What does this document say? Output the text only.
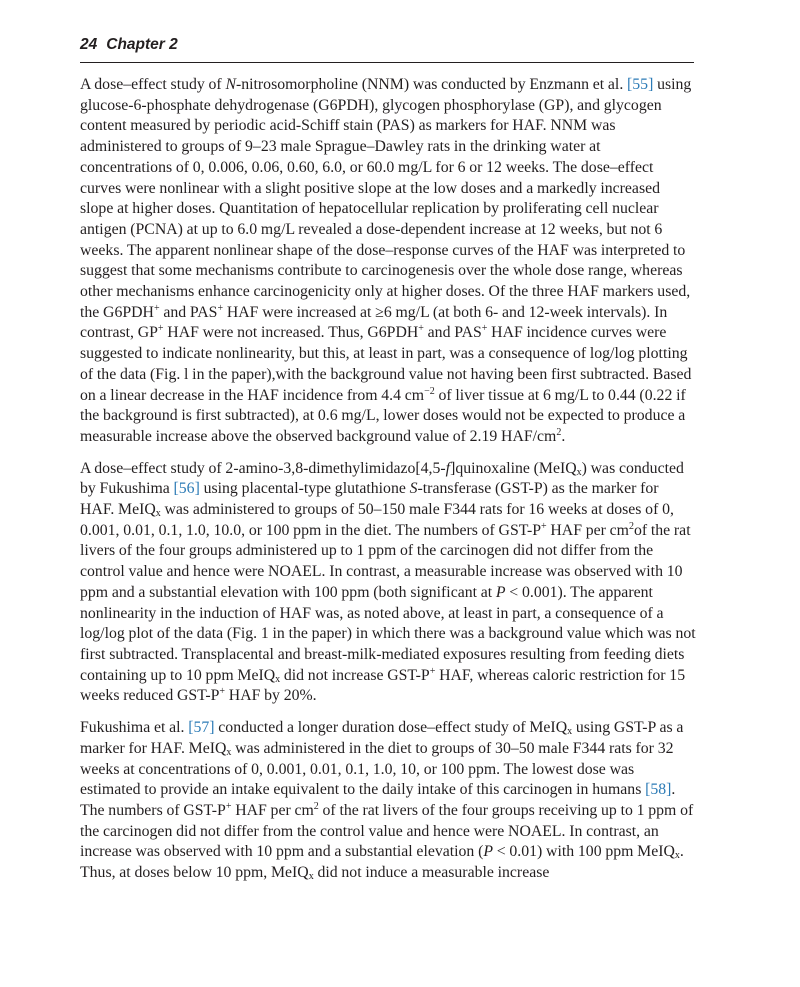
24 Chapter 2

A dose–effect study of N-nitrosomorpholine (NNM) was conducted by Enzmann et al. [55] using glucose-6-phosphate dehydrogenase (G6PDH), glycogen phosphorylase (GP), and glycogen content measured by periodic acid-Schiff stain (PAS) as markers for HAF. NNM was administered to groups of 9–23 male Sprague–Dawley rats in the drinking water at concentrations of 0, 0.006, 0.06, 0.60, 6.0, or 60.0 mg/L for 6 or 12 weeks. The dose–effect curves were nonlinear with a slight positive slope at the low doses and a markedly increased slope at higher doses. Quantitation of hepatocellular replication by proliferating cell nuclear antigen (PCNA) at up to 6.0 mg/L revealed a dose-dependent increase at 12 weeks, but not 6 weeks. The apparent nonlinear shape of the dose–response curves of the HAF was interpreted to suggest that some mechanisms contribute to carcinogenesis over the whole dose range, whereas other mechanisms enhance carcinogenicity only at higher doses. Of the three HAF markers used, the G6PDH+ and PAS+ HAF were increased at ≥6 mg/L (at both 6- and 12-week intervals). In contrast, GP+ HAF were not increased. Thus, G6PDH+ and PAS+ HAF incidence curves were suggested to indicate nonlinearity, but this, at least in part, was a consequence of log/log plotting of the data (Fig. l in the paper),with the background value not having been first subtracted. Based on a linear decrease in the HAF incidence from 4.4 $cm^{-2}$ of liver tissue at 6 mg/L to 0.44 (0.22 if the background is first subtracted), at 0.6 mg/L, lower doses would not be expected to produce a measurable increase above the observed background value of 2.19 HAF/$cm^2$.

A dose–effect study of 2-amino-3,8-dimethylimidazo[4,5-f]quinoxaline (MeIQ$_x$) was conducted by Fukushima [56] using placental-type glutathione S-transferase (GST-P) as the marker for HAF. MeIQ$_x$ was administered to groups of 50–150 male F344 rats for 16 weeks at doses of 0, 0.001, 0.01, 0.1, 1.0, 10.0, or 100 ppm in the diet. The numbers of GST-P+ HAF per $cm^2of$ the rat livers of the four groups administered up to 1 ppm of the carcinogen did not differ from the control value and hence were NOAEL. In contrast, a measurable increase was observed with 10 ppm and a substantial elevation with 100 ppm (both significant at P < 0.001). The apparent nonlinearity in the induction of HAF was, as noted above, at least in part, a consequence of a log/log plot of the data (Fig. 1 in the paper) in which there was a background value which was not first subtracted. Transplacental and breast-milk-mediated exposures resulting from feeding diets containing up to 10 ppm MeIQ$_x$ did not increase GST-P+ HAF, whereas caloric restriction for 15 weeks reduced GST-P+ HAF by 20%.

Fukushima et al. [57] conducted a longer duration dose–effect study of MeIQ$_x$ using GST-P as a marker for HAF. MeIQ$_x$ was administered in the diet to groups of 30–50 male F344 rats for 32 weeks at concentrations of 0, 0.001, 0.01, 0.1, 1.0, 10, or 100 ppm. The lowest dose was estimated to provide an intake equivalent to the daily intake of this carcinogen in humans [58]. The numbers of GST-P+ HAF per $cm^2$ of the rat livers of the four groups receiving up to 1 ppm of the carcinogen did not differ from the control value and hence were NOAEL. In contrast, an increase was observed with 10 ppm and a substantial elevation (P < 0.01) with 100 ppm MeIQ$_x$. Thus, at doses below 10 ppm, MeIQ$_x$ did not induce a measurable increase
